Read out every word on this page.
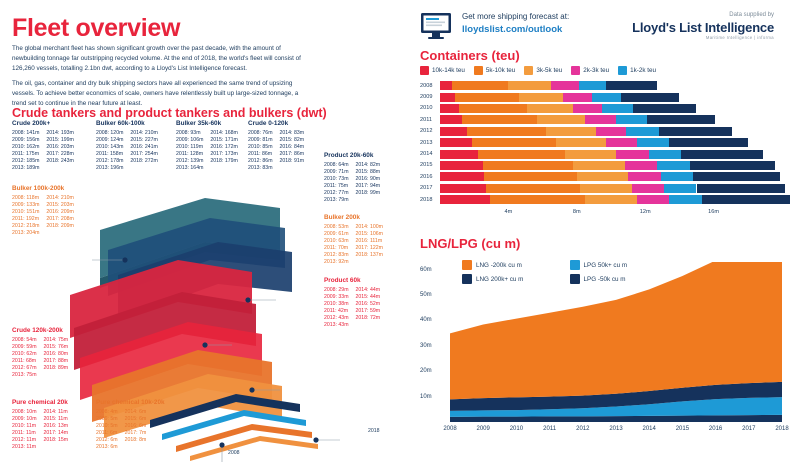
Fleet overview

The global merchant fleet has shown significant growth over the past decade, with the amount of newbuilding tonnage far outstripping recycled volume. At the end of 2018, the world's fleet will consist of 126,260 vessels, totalling 2.1bn dwt, according to a Lloyd's List Intelligence forecast.

The oil, gas, container and dry bulk shipping sectors have all experienced the same trend of upsizing vessels. To achieve better economics of scale, owners have relentlessly built up large-sized tonnage, a trend set to continue in the near future at least.

Crude tankers and product tankers and bulkers (dwt)
Crude 200k+
2008: 141m
2009: 156m
2010: 162m
2011: 175m
2012: 185m
2013: 189m
2014: 193m
2015: 199m
2016: 203m
2017: 228m
2018: 243m
Bulker 60k-100k
2008: 120m
2009: 124m
2010: 143m
2011: 158m
2012: 178m
2013: 196m
2014: 210m
2015: 227m
2016: 241m
2017: 254m
2018: 272m
Bulker 35k-60k
2008: 93m
2009: 106m
2010: 119m
2011: 128m
2012: 139m
2013: 164m
2014: 168m
2015: 171m
2016: 172m
2017: 173m
2018: 179m
Crude 0-120k
2008: 76m
2009: 81m
2010: 85m
2011: 86m
2012: 86m
2013: 83m
2014: 83m
2015: 82m
2016: 84m
2017: 86m
2018: 91m
Product 20k-60k
2008: 64m
2009: 71m
2010: 73m
2011: 75m
2012: 77m
2013: 79m
2014: 82m
2015: 88m
2016: 90m
2017: 94m
2018: 99m
Bulker 100k-200k
2008: 118m
2009: 133m
2010: 151m
2011: 192m
2012: 218m
2013: 204m
2014: 210m
2015: 203m
2016: 209m
2017: 208m
2018: 209m
Bulker 200k
2008: 53m
2009: 61m
2010: 63m
2011: 70m
2012: 83m
2013: 92m
2014: 100m
2015: 106m
2016: 111m
2017: 122m
2018: 137m
Product 60k
2008: 29m
2009: 33m
2010: 38m
2011: 42m
2012: 43m
2013: 43m
2014: 44m
2015: 44m
2016: 52m
2017: 59m
2018: 72m
Crude 120k-200k
2008: 54m
2009: 59m
2010: 62m
2011: 68m
2012: 67m
2013: 75m
2014: 75m
2015: 76m
2016: 80m
2017: 88m
2018: 89m
Pure chemical 20k
2008: 10m
2009: 10m
2010: 11m
2011: 11m
2012: 11m
2013: 11m
2014: 11m
2015: 11m
2016: 13m
2017: 14m
2018: 15m
Pure chemical 10k-20k
2008: 4m
2009: 5m
2010: 5m
2011: 6m
2012: 6m
2013: 6m
2014: 6m
2015: 6m
2016: 6m
2017: 7m
2018: 8m
2008
2018
Get more shipping forecast at:
lloydslist.com/outlook
Data supplied by
Lloyd's List Intelligence
Maritime Intelligence | informa
Containers (teu)
10k-14k teu	5k-10k teu	3k-5k teu	2k-3k teu	1k-2k teu
2008
2009
2010
2011
2012
2013
2014
2015
2016
2017
2018
4m	8m	12m	16m
LNG/LPG (cu m)
LNG -200k cu m	LPG 50k+ cu m
LNG 200k+ cu m	LPG -50k cu m
10m
20m
30m
40m
50m
60m
2008	2009	2010	2011	2012	2013	2014	2015	2016	2017	2018
